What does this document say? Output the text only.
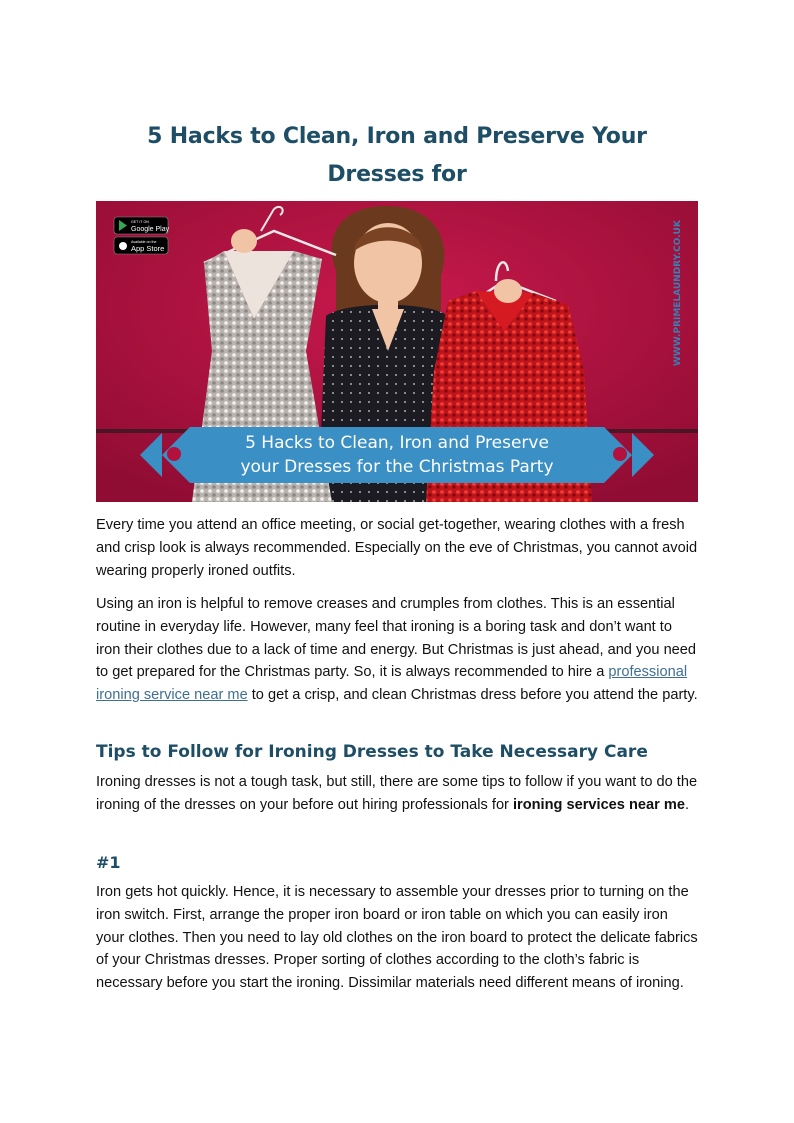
5 Hacks to Clean, Iron and Preserve Your Dresses for

GET IT ON
Google Play
Available on the
App Store	WWW.PRIMELAUNDRY.CO.UK
5 Hacks to Clean, Iron and Preserve
your Dresses for the Christmas Party

Every time you attend an office meeting, or social get-together, wearing clothes with a fresh and crisp look is always recommended. Especially on the eve of Christmas, you cannot avoid wearing properly ironed outfits.

Using an iron is helpful to remove creases and crumples from clothes. This is an essential routine in everyday life. However, many feel that ironing is a boring task and don’t want to iron their clothes due to a lack of time and energy. But Christmas is just ahead, and you need to get prepared for the Christmas party. So, it is always recommended to hire a professional ironing service near me to get a crisp, and clean Christmas dress before you attend the party.

Tips to Follow for Ironing Dresses to Take Necessary Care

Ironing dresses is not a tough task, but still, there are some tips to follow if you want to do the ironing of the dresses on your before out hiring professionals for ironing services near me.

#1

Iron gets hot quickly. Hence, it is necessary to assemble your dresses prior to turning on the iron switch. First, arrange the proper iron board or iron table on which you can easily iron your clothes. Then you need to lay old clothes on the iron board to protect the delicate fabrics of your Christmas dresses. Proper sorting of clothes according to the cloth’s fabric is necessary before you start the ironing. Dissimilar materials need different means of ironing.
